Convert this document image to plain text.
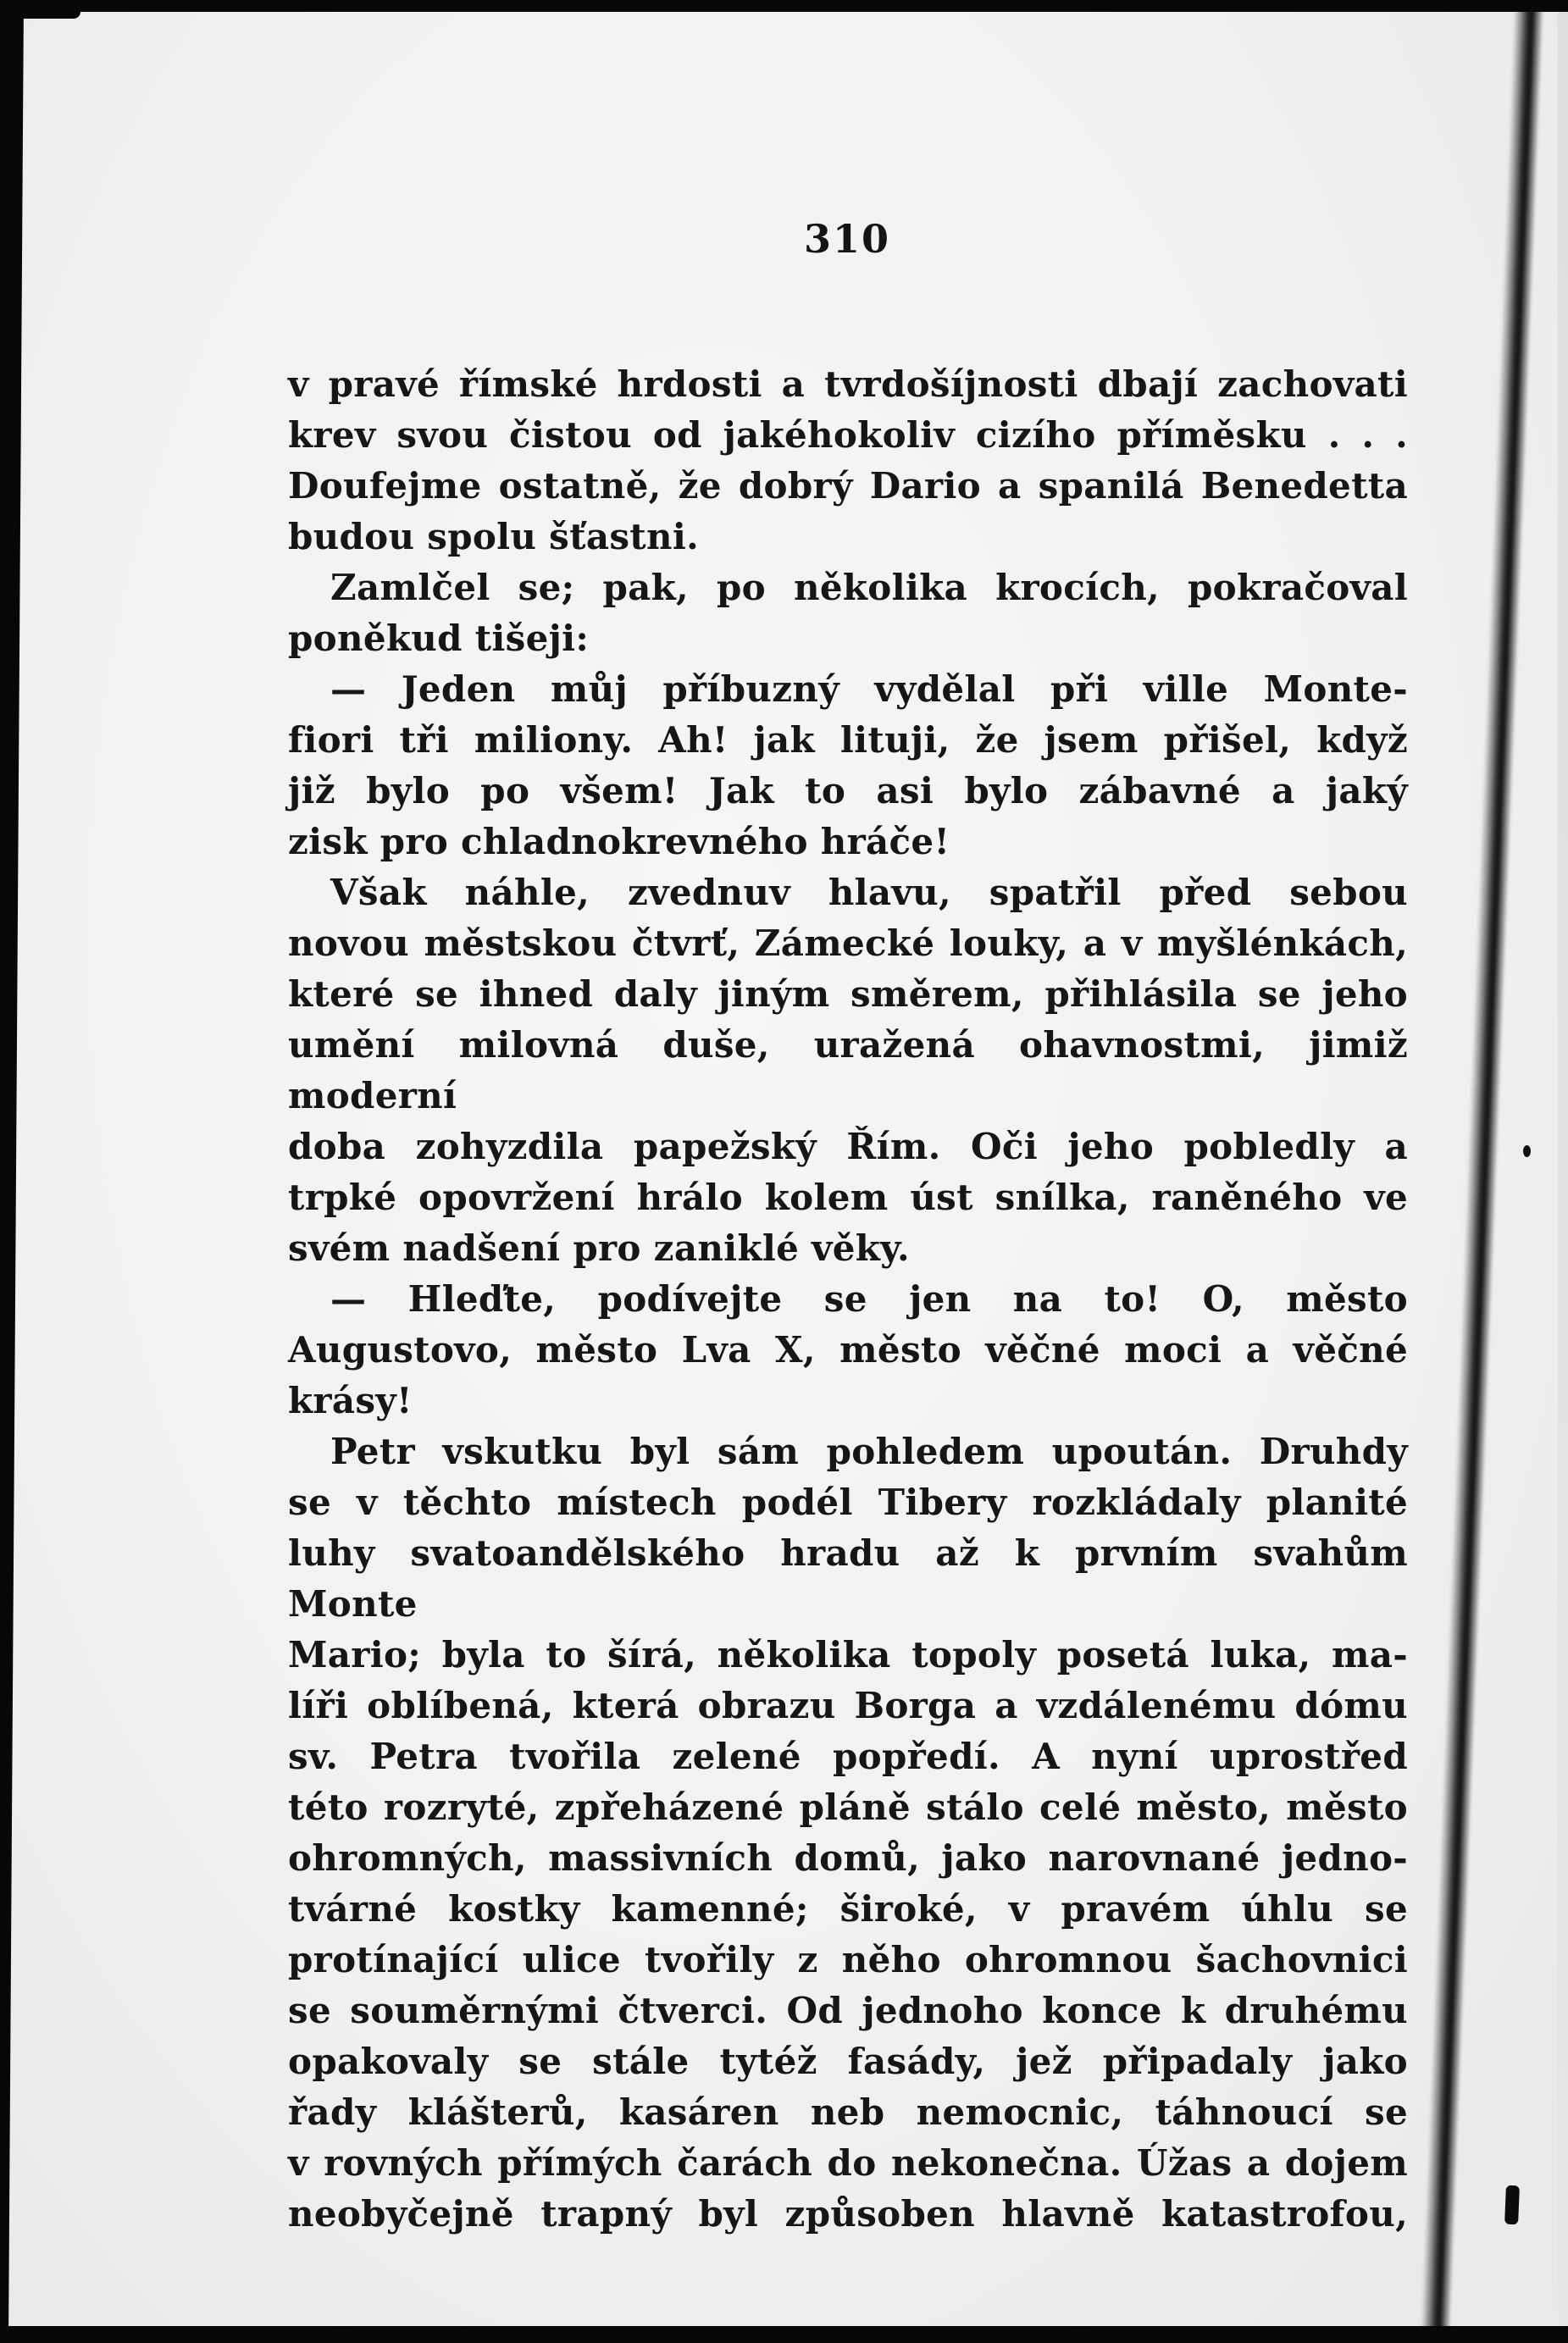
310
v pravé římské hrdosti a tvrdošíjnosti dbají zachovati
krev svou čistou od jakéhokoliv cizího příměsku . . .
Doufejme ostatně, že dobrý Dario a spanilá Benedetta
budou spolu šťastni.
Zamlčel se; pak, po několika krocích, pokračoval
poněkud tišeji:
— Jeden můj příbuzný vydělal při ville Monte-
fiori tři miliony. Ah! jak lituji, že jsem přišel, když
již bylo po všem! Jak to asi bylo zábavné a jaký
zisk pro chladnokrevného hráče!
Však náhle, zvednuv hlavu, spatřil před sebou
novou městskou čtvrť, Zámecké louky, a v myšlénkách,
které se ihned daly jiným směrem, přihlásila se jeho
umění milovná duše, uražená ohavnostmi, jimiž moderní
doba zohyzdila papežský Řím. Oči jeho pobledly a
trpké opovržení hrálo kolem úst snílka, raněného ve
svém nadšení pro zaniklé věky.
— Hleďte, podívejte se jen na to! O, město
Augustovo, město Lva X, město věčné moci a věčné
krásy!
Petr vskutku byl sám pohledem upoután. Druhdy
se v těchto místech podél Tibery rozkládaly planité
luhy svatoandělského hradu až k prvním svahům Monte
Mario; byla to šírá, několika topoly posetá luka, ma-
líři oblíbená, která obrazu Borga a vzdálenému dómu
sv. Petra tvořila zelené popředí. A nyní uprostřed
této rozryté, zpřeházené pláně stálo celé město, město
ohromných, massivních domů, jako narovnané jedno-
tvárné kostky kamenné; široké, v pravém úhlu se
protínající ulice tvořily z něho ohromnou šachovnici
se souměrnými čtverci. Od jednoho konce k druhému
opakovaly se stále tytéž fasády, jež připadaly jako
řady klášterů, kasáren neb nemocnic, táhnoucí se
v rovných přímých čarách do nekonečna. Úžas a dojem
neobyčejně trapný byl způsoben hlavně katastrofou,
